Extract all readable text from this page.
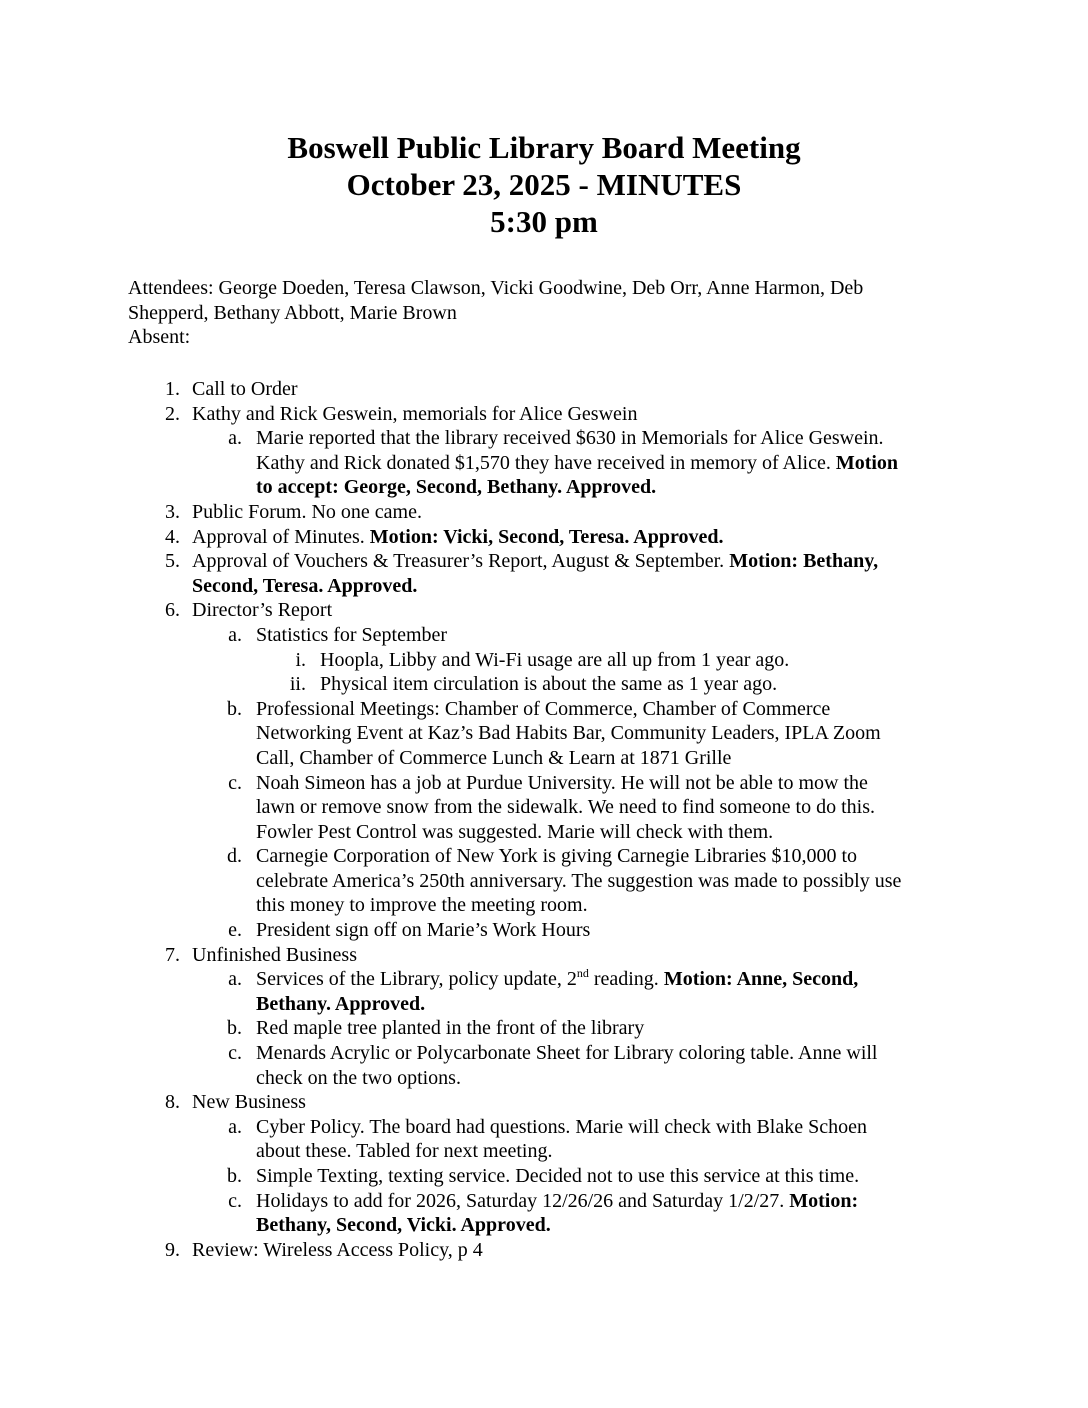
Boswell Public Library Board Meeting
October 23, 2025 - MINUTES
5:30 pm
Attendees: George Doeden, Teresa Clawson, Vicki Goodwine, Deb Orr, Anne Harmon, Deb
Shepperd, Bethany Abbott, Marie Brown
Absent:
1. Call to Order
2. Kathy and Rick Geswein, memorials for Alice Geswein
a. Marie reported that the library received $630 in Memorials for Alice Geswein.
Kathy and Rick donated $1,570 they have received in memory of Alice. Motion
to accept: George, Second, Bethany. Approved.
3. Public Forum. No one came.
4. Approval of Minutes. Motion: Vicki, Second, Teresa. Approved.
5. Approval of Vouchers & Treasurer’s Report, August & September. Motion: Bethany,
Second, Teresa. Approved.
6. Director’s Report
a. Statistics for September
i. Hoopla, Libby and Wi-Fi usage are all up from 1 year ago.
ii. Physical item circulation is about the same as 1 year ago.
b. Professional Meetings: Chamber of Commerce, Chamber of Commerce
Networking Event at Kaz’s Bad Habits Bar, Community Leaders, IPLA Zoom
Call, Chamber of Commerce Lunch & Learn at 1871 Grille
c. Noah Simeon has a job at Purdue University. He will not be able to mow the
lawn or remove snow from the sidewalk. We need to find someone to do this.
Fowler Pest Control was suggested. Marie will check with them.
d. Carnegie Corporation of New York is giving Carnegie Libraries $10,000 to
celebrate America’s 250th anniversary. The suggestion was made to possibly use
this money to improve the meeting room.
e. President sign off on Marie’s Work Hours
7. Unfinished Business
a. Services of the Library, policy update, 2nd reading. Motion: Anne, Second,
Bethany. Approved.
b. Red maple tree planted in the front of the library
c. Menards Acrylic or Polycarbonate Sheet for Library coloring table. Anne will
check on the two options.
8. New Business
a. Cyber Policy. The board had questions. Marie will check with Blake Schoen
about these. Tabled for next meeting.
b. Simple Texting, texting service. Decided not to use this service at this time.
c. Holidays to add for 2026, Saturday 12/26/26 and Saturday 1/2/27. Motion:
Bethany, Second, Vicki. Approved.
9. Review: Wireless Access Policy, p 4
